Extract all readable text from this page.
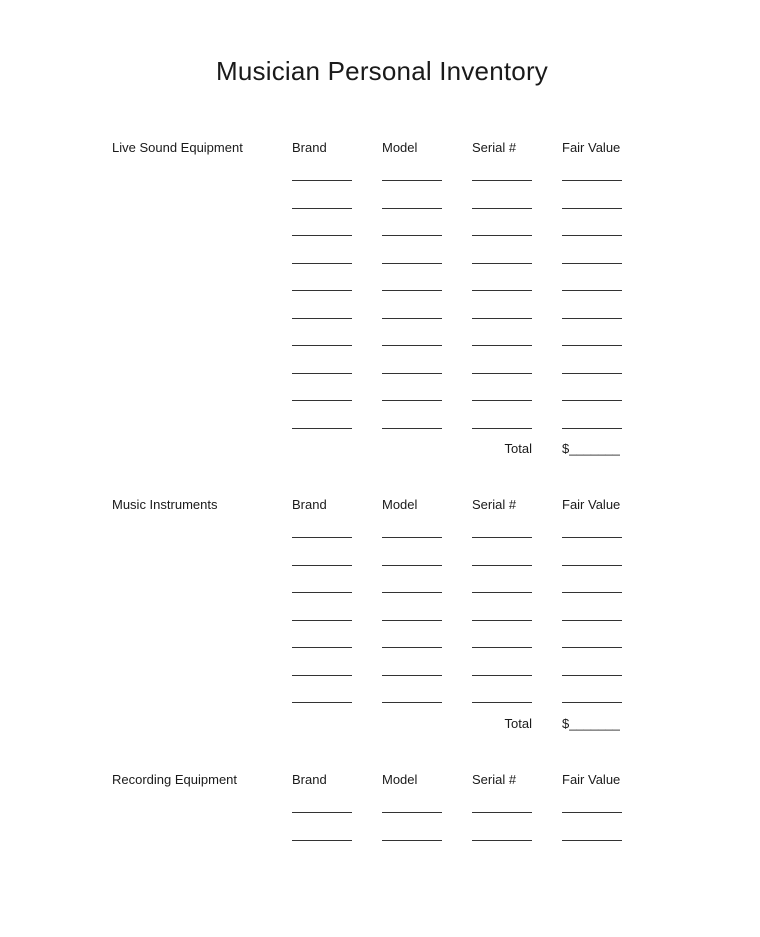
Musician Personal Inventory
Live Sound Equipment	Brand	Model	Serial #	Fair Value
Total $_______
Music Instruments	Brand	Model	Serial #	Fair Value
Total $_______
Recording Equipment	Brand	Model	Serial #	Fair Value
